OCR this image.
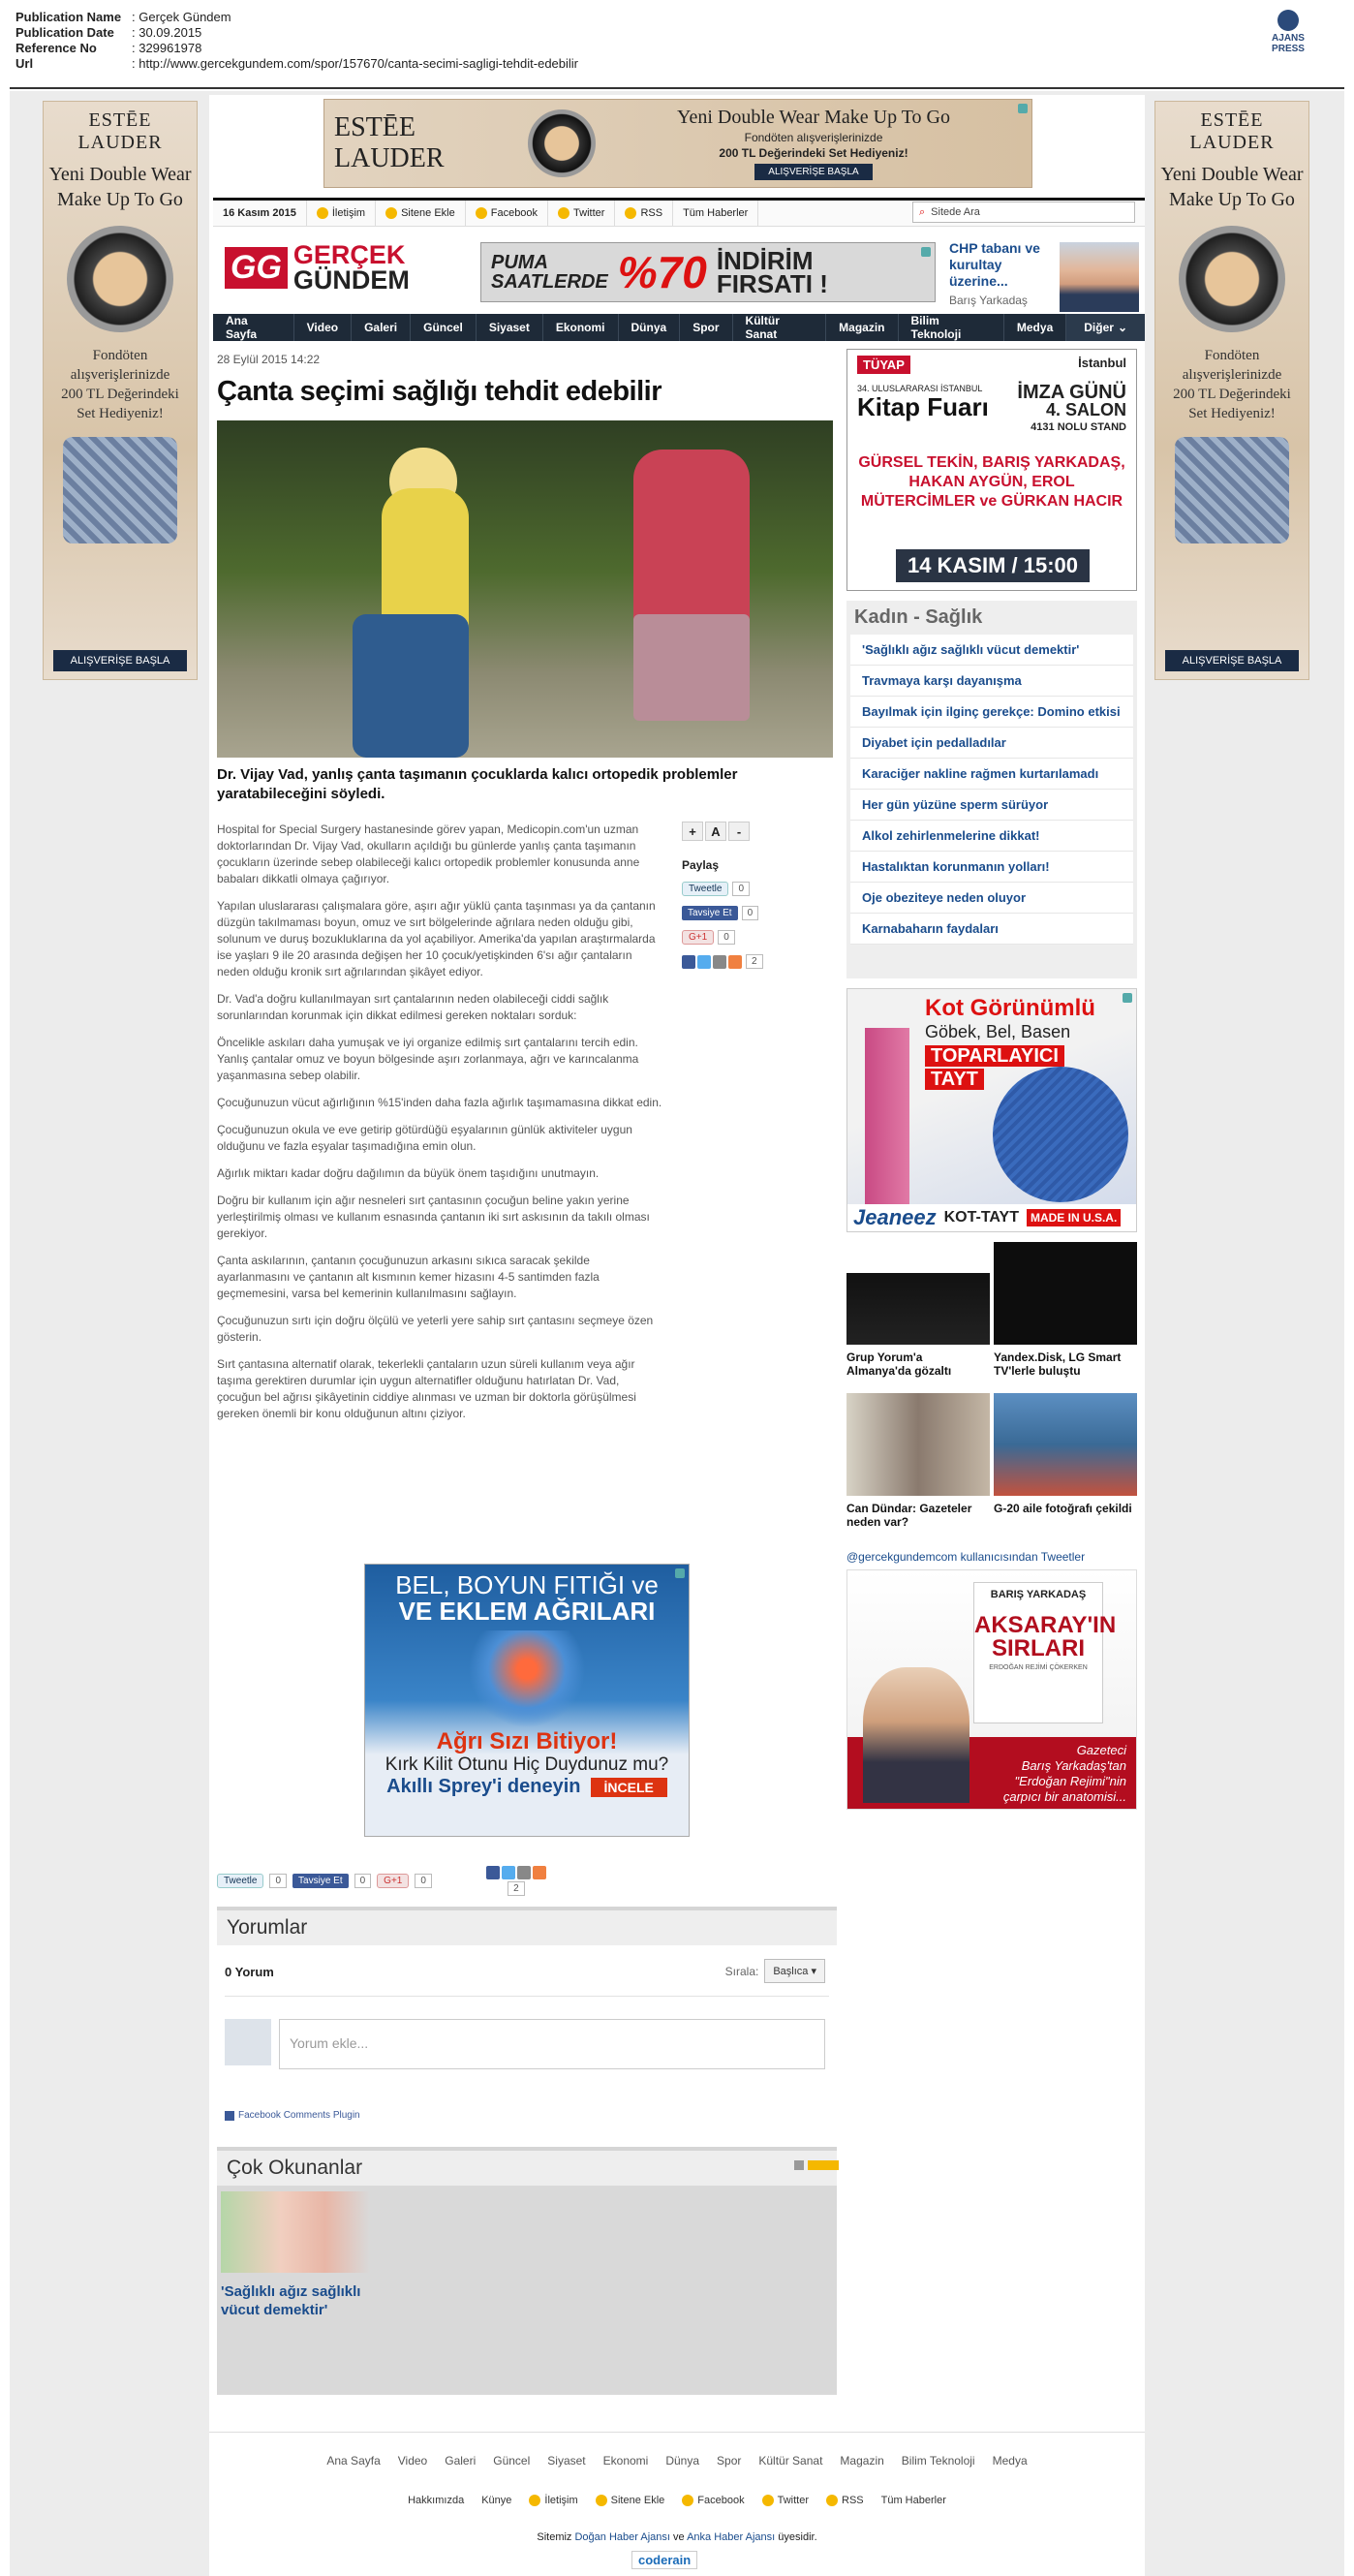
Publication Name : Gerçek Gündem
Publication Date	: 30.09.2015
Reference No	: 329961978
Url	: http://www.gercekgundem.com/spor/157670/canta-secimi-sagligi-tehdit-edebilir
AJANS PRESS
ESTĒE LAUDER
Yeni Double Wear Make Up To Go
Fondöten alışverişlerinizde
200 TL Değerindeki
Set Hediyeniz!
ALIŞVERİŞE BAŞLA
ESTĒE LAUDER
Yeni Double Wear Make Up To Go
Fondöten alışverişlerinizde
200 TL Değerindeki
Set Hediyeniz!
ALIŞVERİŞE BAŞLA
ESTĒE LAUDER
Yeni Double Wear Make Up To Go
Fondöten alışverişlerinizde
200 TL Değerindeki Set Hediyeniz!
ALIŞVERİŞE BAŞLA
16 Kasım 2015	İletişim	Sitene Ekle	Facebook	Twitter	RSS Tüm Haberler	⌕ Sitede Ara
GG GERÇEK
GÜNDEM
PUMA
SAATLERDE %70 İNDİRİM
FIRSATI !
CHP tabanı ve kurultay üzerine...
Barış Yarkadaş
Ana Sayfa	Video	Galeri	Güncel	Siyaset	Ekonomi	Dünya	Spor	Kültür Sanat	Magazin	Bilim Teknoloji	Medya	Diğer ⌄
28 Eylül 2015 14:22
Çanta seçimi sağlığı tehdit edebilir
Dr. Vijay Vad, yanlış çanta taşımanın çocuklarda kalıcı ortopedik problemler yaratabileceğini söyledi.

Hospital for Special Surgery hastanesinde görev yapan, Medicopin.com'un uzman doktorlarından Dr. Vijay Vad, okulların açıldığı bu günlerde yanlış çanta taşımanın çocukların üzerinde sebep olabileceği kalıcı ortopedik problemler konusunda anne babaları dikkatli olmaya çağırıyor.

Yapılan uluslararası çalışmalara göre, aşırı ağır yüklü çanta taşınması ya da çantanın düzgün takılmaması boyun, omuz ve sırt bölgelerinde ağrılara neden olduğu gibi, solunum ve duruş bozukluklarına da yol açabiliyor. Amerika'da yapılan araştırmalarda ise yaşları 9 ile 20 arasında değişen her 10 çocuk/yetişkinden 6'sı ağır çantaların neden olduğu kronik sırt ağrılarından şikâyet ediyor.

Dr. Vad'a doğru kullanılmayan sırt çantalarının neden olabileceği ciddi sağlık sorunlarından korunmak için dikkat edilmesi gereken noktaları sorduk:

Öncelikle askıları daha yumuşak ve iyi organize edilmiş sırt çantalarını tercih edin. Yanlış çantalar omuz ve boyun bölgesinde aşırı zorlanmaya, ağrı ve karıncalanma yaşanmasına sebep olabilir.

Çocuğunuzun vücut ağırlığının %15'inden daha fazla ağırlık taşımamasına dikkat edin.

Çocuğunuzun okula ve eve getirip götürdüğü eşyalarının günlük aktiviteler uygun olduğunu ve fazla eşyalar taşımadığına emin olun.

Ağırlık miktarı kadar doğru dağılımın da büyük önem taşıdığını unutmayın.

Doğru bir kullanım için ağır nesneleri sırt çantasının çocuğun beline yakın yerine yerleştirilmiş olması ve kullanım esnasında çantanın iki sırt askısının da takılı olması gerekiyor.

Çanta askılarının, çantanın çocuğunuzun arkasını sıkıca saracak şekilde ayarlanmasını ve çantanın alt kısmının kemer hizasını 4-5 santimden fazla geçmemesini, varsa bel kemerinin kullanılmasını sağlayın.

Çocuğunuzun sırtı için doğru ölçülü ve yeterli yere sahip sırt çantasını seçmeye özen gösterin.

Sırt çantasına alternatif olarak, tekerlekli çantaların uzun süreli kullanım veya ağır taşıma gerektiren durumlar için uygun alternatifler olduğunu hatırlatan Dr. Vad, çocuğun bel ağrısı şikâyetinin ciddiye alınması ve uzman bir doktorla görüşülmesi gereken önemli bir konu olduğunun altını çiziyor.

+	A	-
Paylaş
Tweetle	0
Tavsiye Et	0
G+1	0
2
BEL, BOYUN FITIĞI ve
VE EKLEM AĞRILARI
Ağrı Sızı Bitiyor!
Kırk Kilit Otunu Hiç Duydunuz mu?
Akıllı Sprey'i deneyin İNCELE
Tweetle	0	Tavsiye Et	0	G+1	0
2
Yorumlar
0 Yorum	Sırala:	Başlıca ▾
Yorum ekle...
Facebook Comments Plugin
Çok Okunanlar
'Sağlıklı ağız sağlıklı vücut demektir'
TÜYAP	İstanbul
34. ULUSLARARASI İSTANBUL
Kitap Fuarı İMZA GÜNÜ
4. SALON
4131 NOLU STAND
GÜRSEL TEKİN, BARIŞ YARKADAŞ, HAKAN AYGÜN, EROL MÜTERCİMLER ve GÜRKAN HACIR
14 KASIM / 15:00
Kadın - Sağlık
'Sağlıklı ağız sağlıklı vücut demektir'
Travmaya karşı dayanışma
Bayılmak için ilginç gerekçe: Domino etkisi
Diyabet için pedalladılar
Karaciğer nakline rağmen kurtarılamadı
Her gün yüzüne sperm sürüyor
Alkol zehirlenmelerine dikkat!
Hastalıktan korunmanın yolları!
Oje obeziteye neden oluyor
Karnabaharın faydaları
Kot Görünümlü
Göbek, Bel, Basen
TOPARLAYICI
TAYT
Jeaneez KOT-TAYT	MADE IN U.S.A.
Grup Yorum'a Almanya'da gözaltı
Yandex.Disk, LG Smart TV'lerle buluştu
Can Dündar: Gazeteler neden var?
G-20 aile fotoğrafı çekildi
@gercekgundemcom kullanıcısından Tweetler
BARIŞ YARKADAŞ
AKSARAY'IN SIRLARI
ERDOĞAN REJİMİ ÇÖKERKEN
Gazeteci
Barış Yarkadaş'tan
"Erdoğan Rejimi"nin
çarpıcı bir anatomisi...
Ana Sayfa Video Galeri Güncel Siyaset Ekonomi Dünya Spor Kültür Sanat Magazin Bilim Teknoloji Medya
Hakkımızda Künye	İletişim	Sitene Ekle	Facebook	Twitter	RSS Tüm Haberler
Sitemiz Doğan Haber Ajansı ve Anka Haber Ajansı üyesidir.
coderain
